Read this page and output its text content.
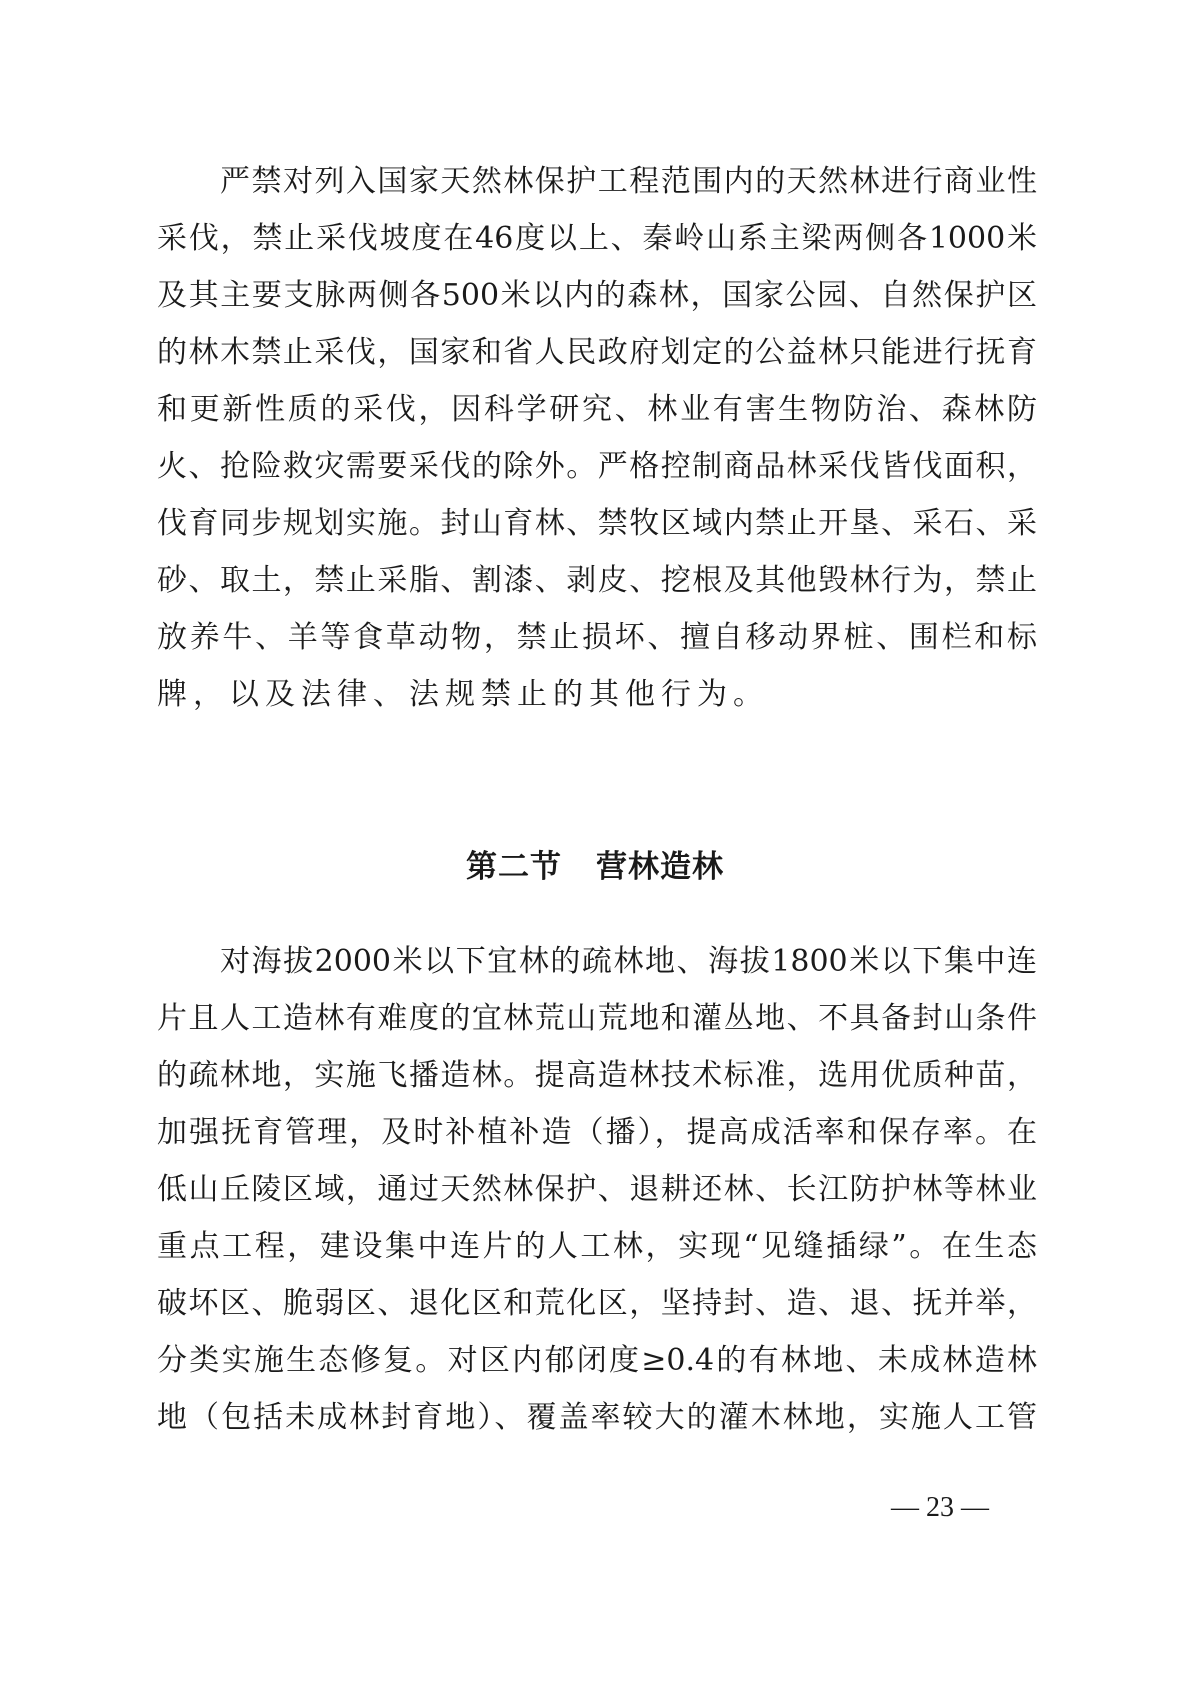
严禁对列入国家天然林保护工程范围内的天然林进行商业性
采伐，禁止采伐坡度在46度以上、秦岭山系主梁两侧各1000米
及其主要支脉两侧各500米以内的森林，国家公园、自然保护区
的林木禁止采伐，国家和省人民政府划定的公益林只能进行抚育
和更新性质的采伐，因科学研究、林业有害生物防治、森林防
火、抢险救灾需要采伐的除外。严格控制商品林采伐皆伐面积，
伐育同步规划实施。封山育林、禁牧区域内禁止开垦、采石、采
砂、取土，禁止采脂、割漆、剥皮、挖根及其他毁林行为，禁止
放养牛、羊等食草动物，禁止损坏、擅自移动界桩、围栏和标
牌，以及法律、法规禁止的其他行为。
第二节 营林造林
对海拔2000米以下宜林的疏林地、海拔1800米以下集中连
片且人工造林有难度的宜林荒山荒地和灌丛地、不具备封山条件
的疏林地，实施飞播造林。提高造林技术标准，选用优质种苗，
加强抚育管理，及时补植补造（播），提高成活率和保存率。在
低山丘陵区域，通过天然林保护、退耕还林、长江防护林等林业
重点工程，建设集中连片的人工林，实现“见缝插绿”。在生态
破坏区、脆弱区、退化区和荒化区，坚持封、造、退、抚并举，
分类实施生态修复。对区内郁闭度≥0.4的有林地、未成林造林
地（包括未成林封育地）、覆盖率较大的灌木林地，实施人工管
— 23 —
